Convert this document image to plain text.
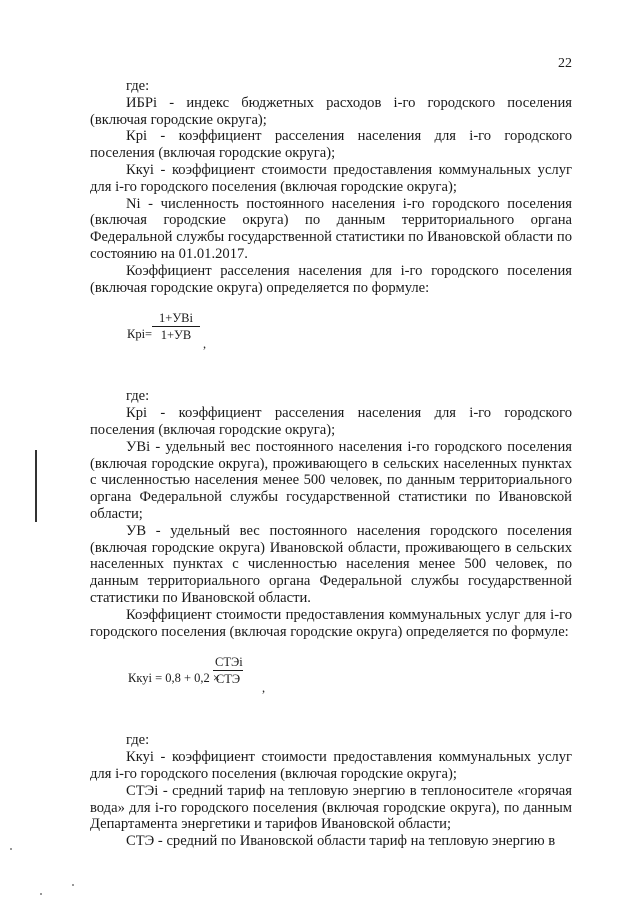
22

где:

ИБРi - индекс бюджетных расходов i-го городского поселения (включая городские округа);

Крi - коэффициент расселения населения для i-го городского поселения (включая городские округа);

Ккуi - коэффициент стоимости предоставления коммунальных услуг для i-го городского поселения (включая городские округа);

Ni - численность постоянного населения i-го городского поселения (включая городские округа) по данным территориального органа Федеральной службы государственной статистики по Ивановской области по состоянию на 01.01.2017.

Коэффициент расселения населения для i-го городского поселения (включая городские округа) определяется по формуле:

Крi=
1+УВi
1+УВ
,

где:

Крi - коэффициент расселения населения для i-го городского поселения (включая городские округа);

УВi - удельный вес постоянного населения i-го городского поселения (включая городские округа), проживающего в сельских населенных пунктах с численностью населения менее 500 человек, по данным территориального органа Федеральной службы государственной статистики по Ивановской области;

УВ - удельный вес постоянного населения городского поселения (включая городские округа) Ивановской области, проживающего в сельских населенных пунктах с численностью населения менее 500 человек, по данным территориального органа Федеральной службы государственной статистики по Ивановской области.

Коэффициент стоимости предоставления коммунальных услуг для i-го городского поселения (включая городские округа) определяется по формуле:

Ккуi = 0,8 + 0,2 ×
СТЭi
СТЭ
,

где:

Ккуi - коэффициент стоимости предоставления коммунальных услуг для i-го городского поселения (включая городские округа);

СТЭi - средний тариф на тепловую энергию в теплоносителе «горячая вода» для i-го городского поселения (включая городские округа), по данным Департамента энергетики и тарифов Ивановской области;

СТЭ - средний по Ивановской области тариф на тепловую энергию в
